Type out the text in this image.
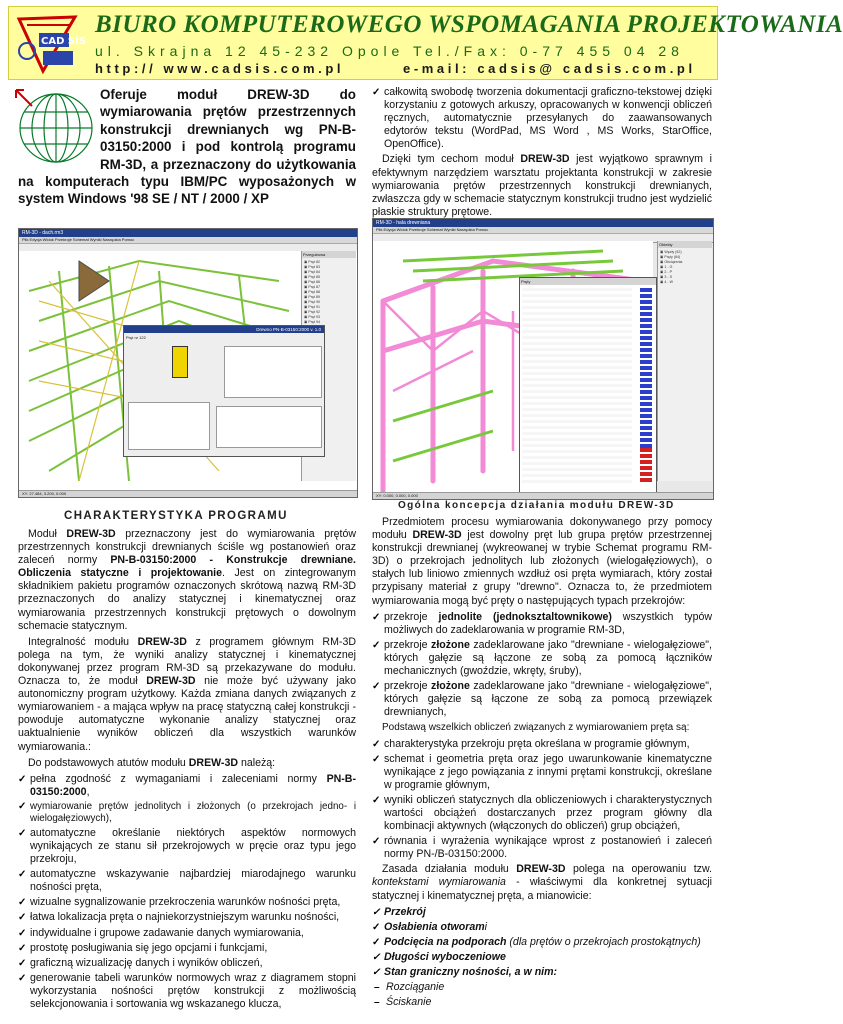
CAD SIS
BIURO KOMPUTEROWEGO WSPOMAGANIA PROJEKTOWANIA
ul. Skrajna 12 45-232 Opole Tel./Fax: 0-77 455 04 28
http:// www.cadsis.com.pl	e-mail: cadsis@ cadsis.com.pl
Oferuje moduł DREW-3D do wymiarowania prętów przestrzennych konstrukcji drewnianych wg PN-B-03150:2000 i pod kontrolą programu RM-3D, a przeznaczony do użytkowania na komputerach typu IBM/PC wyposażonych w system Windows '98 SE / NT / 2000 / XP
✓ całkowitą swobodę tworzenia dokumentacji graficzno-tekstowej dzięki korzystaniu z gotowych arkuszy, opracowanych w konwencji obliczeń ręcznych, automatycznie przesyłanych do zaawansowanych edytorów tekstu (WordPad, MS Word , MS Works, StarOffice, OpenOffice).

Dzięki tym cechom moduł DREW-3D jest wyjątkowo sprawnym i efektywnym narzędziem warsztatu projektanta konstrukcji w zakresie wymiarowania prętów przestrzennych konstrukcji drewnianych, zwłaszcza gdy w schemacie statycznym konstrukcji trudno jest wydzielić płaskie struktury prętowe.

RM-3D - dach.rm3
Plik Edycja Widok Przekroje Schemat Wyniki Narzędzia Pomoc
Przegubowa
▣ Pręt 82
▣ Pręt 83
▣ Pręt 84
▣ Pręt 85
▣ Pręt 86
▣ Pręt 87
▣ Pręt 88
▣ Pręt 89
▣ Pręt 90
▣ Pręt 91
▣ Pręt 92
▣ Pręt 93
▣ Pręt 94
Drewno PN-B-03150:2000 v. 1.0
Pręt nr 122
XY: 27.484, 3.200, 0.000
RM-3D - hala drewniana
Plik Edycja Widok Przekroje Schemat Wyniki Narzędzia Pomoc
Pręty
Obiekty
▣ Węzły (52)
▣ Pręty (84)
▣ Obciążenia
▣ 1 - G
▣ 2 - P
▣ 3 - S
▣ 4 - W
XY: 0.000, 0.000, 0.000
CHARAKTERYSTYKA PROGRAMU
Ogólna koncepcja działania modułu DREW-3D

Moduł DREW-3D przeznaczony jest do wymiarowania prętów przestrzennych konstrukcji drewnianych ściśle wg postanowień oraz zaleceń normy PN-B-03150:2000 - Konstrukcje drewniane. Obliczenia statyczne i projektowanie. Jest on zintegrowanym składnikiem pakietu programów oznaczonych skrótową nazwą RM-3D przeznaczonych do analizy statycznej i kinematycznej oraz wymiarowania przestrzennych konstrukcji prętowych o dowolnym schemacie statycznym.

Integralność modułu DREW-3D z programem głównym RM-3D polega na tym, że wyniki analizy statycznej i kinematycznej dokonywanej przez program RM-3D są przekazywane do modułu. Oznacza to, że moduł DREW-3D nie może być używany jako autonomiczny program użytkowy. Każda zmiana danych związanych z wymiarowaniem - a mająca wpływ na pracę statyczną całej konstrukcji - powoduje automatyczne wykonanie analizy statycznej oraz uaktualnienie wyników obliczeń dla wszystkich warunków wymiarowania.:

Do podstawowych atutów modułu DREW-3D należą:

✓ pełna zgodność z wymaganiami i zaleceniami normy PN-B-03150:2000,
✓ wymiarowanie prętów jednolitych i złożonych (o przekrojach jedno- i wielogałęziowych),
✓ automatyczne określanie niektórych aspektów normowych wynikających ze stanu sił przekrojowych w pręcie oraz typu jego przekroju,
✓ automatyczne wskazywanie najbardziej miarodajnego warunku nośności pręta,
✓ wizualne sygnalizowanie przekroczenia warunków nośności pręta,
✓ łatwa lokalizacja pręta o najniekorzystniejszym warunku nośności,
✓ indywidualne i grupowe zadawanie danych wymiarowania,
✓ prostotę posługiwania się jego opcjami i funkcjami,
✓ graficzną wizualizację danych i wyników obliczeń,
✓ generowanie tabeli warunków normowych wraz z diagramem stopni wykorzystania nośności prętów konstrukcji z możliwością selekcjonowania i sortowania wg wskazanego klucza,

Przedmiotem procesu wymiarowania dokonywanego przy pomocy modułu DREW-3D jest dowolny pręt lub grupa prętów przestrzennej konstrukcji drewnianej (wykreowanej w trybie Schemat programu RM-3D) o przekrojach jednolitych lub złożonych (wielogałęziowych), o stałych lub liniowo zmiennych wzdłuż osi pręta wymiarach, który został przypisany materiał z grupy "drewno". Oznacza to, że przedmiotem wymiarowania mogą być pręty o następujących typach przekrojów:

✓ przekroje jednolite (jednoksztaltownikowe) wszystkich typów możliwych do zadeklarowania w programie RM-3D,
✓ przekroje złożone zadeklarowane jako "drewniane - wielogałęziowe", których gałęzie są łączone ze sobą za pomocą łączników mechanicznych (gwoździe, wkręty, śruby),
✓ przekroje złożone zadeklarowane jako "drewniane - wielogałęziowe", których gałęzie są łączone ze sobą za pomocą przewiązek drewnianych,

Podstawą wszelkich obliczeń związanych z wymiarowaniem pręta są:

✓ charakterystyka przekroju pręta określana w programie głównym,
✓ schemat i geometria pręta oraz jego uwarunkowanie kinematyczne wynikające z jego powiązania z innymi prętami konstrukcji, określane w programie głównym,
✓ wyniki obliczeń statycznych dla obliczeniowych i charakterystycznych wartości obciążeń dostarczanych przez program główny dla kombinacji aktywnych (włączonych do obliczeń) grup obciążeń,
✓ równania i wyrażenia wynikające wprost z postanowień i zaleceń normy PN-/B-03150:2000.

Zasada działania modułu DREW-3D polega na operowaniu tzw. kontekstami wymiarowania - właściwymi dla konkretnej sytuacji statycznej i kinematycznej pręta, a mianowicie:

✓ Przekrój
✓ Osłabienia otworami
✓ Podcięcia na podporach (dla prętów o przekrojach prostokątnych)
✓ Długości wyboczeniowe
✓ Stan graniczny nośności, a w nim:
– Rozciąganie
– Ściskanie
